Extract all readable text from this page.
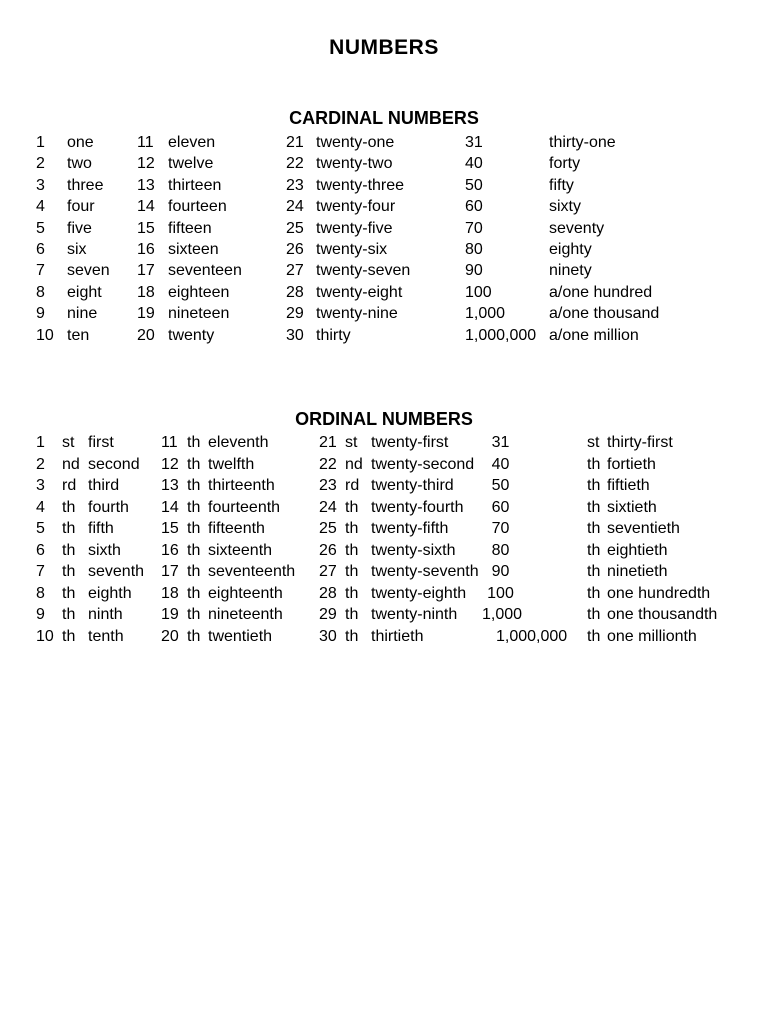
NUMBERS
CARDINAL NUMBERS
1 one	11 eleven	21 twenty-one	31	thirty-one
2 two	12 twelve	22 twenty-two	40	forty
3 three 13 thirteen	23 twenty-three	50	fifty
4 four	14 fourteen	24 twenty-four	60	sixty
5 five	15 fifteen	25 twenty-five	70	seventy
6 six	16 sixteen	26 twenty-six	80	eighty
7 seven 17 seventeen	27 twenty-seven	90	ninety
8 eight 18 eighteen	28 twenty-eight	100	a/one hundred
9 nine 19 nineteen	29 twenty-nine	1,000	a/one thousand
10 ten	20 twenty	30 thirty	1,000,000 a/one million
ORDINAL NUMBERS
1 st first	11 th eleventh	21 st twenty-first	31	st thirty-first
2 nd second 12 th twelfth	22 nd twenty-second	40	th fortieth
3 rd third	13 th thirteenth	23 rd twenty-third	50	th fiftieth
4 th fourth 14 th fourteenth 24 th twenty-fourth	60	th sixtieth
5 th fifth	15 th fifteenth	25 th twenty-fifth	70	th seventieth
6 th sixth	16 th sixteenth	26 th twenty-sixth	80	th eightieth
7 th seventh 17 th seventeenth 27 th twenty-seventh 90	th ninetieth
8 th eighth 18 th eighteenth 28 th twenty-eighth	100	th one hundredth
9 th ninth 19 th nineteenth 29 th twenty-ninth	1,000	th one thousandth
10 th tenth 20 th twentieth	30 th thirtieth	1,000,000	th one millionth
